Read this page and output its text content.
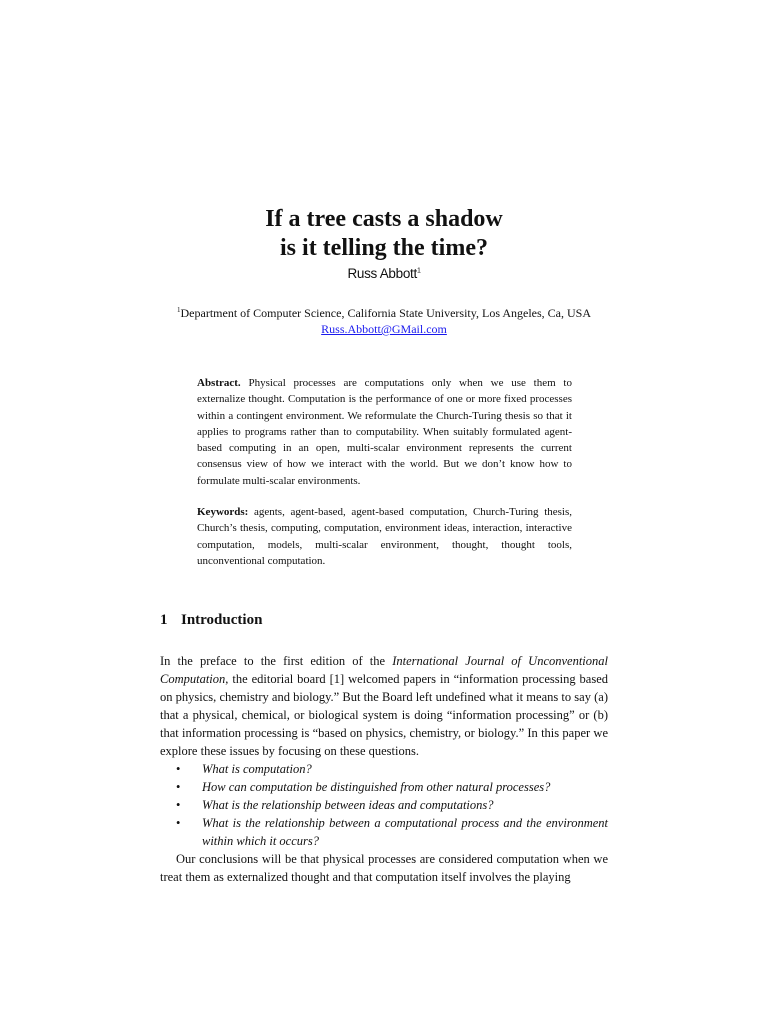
If a tree casts a shadow
is it telling the time?
Russ Abbott$^1$
$^1$Department of Computer Science, California State University, Los Angeles, Ca, USA
Russ.Abbott@GMail.com
Abstract. Physical processes are computations only when we use them to externalize thought. Computation is the performance of one or more fixed processes within a contingent environment. We reformulate the Church-Turing thesis so that it applies to programs rather than to computability. When suitably formulated agent-based computing in an open, multi-scalar environment represents the current consensus view of how we interact with the world. But we don’t know how to formulate multi-scalar environments.
Keywords: agents, agent-based, agent-based computation, Church-Turing thesis, Church’s thesis, computing, computation, environment ideas, interaction, interactive computation, models, multi-scalar environment, thought, thought tools, unconventional computation.
1 Introduction
In the preface to the first edition of the International Journal of Unconventional Computation, the editorial board [1] welcomed papers in “information processing based on physics, chemistry and biology.” But the Board left undefined what it means to say (a) that a physical, chemical, or biological system is doing “information processing” or (b) that information processing is “based on physics, chemistry, or biology.” In this paper we explore these issues by focusing on these questions.
• What is computation?
• How can computation be distinguished from other natural processes?
• What is the relationship between ideas and computations?
• What is the relationship between a computational process and the environment within which it occurs?
Our conclusions will be that physical processes are considered computation when we treat them as externalized thought and that computation itself involves the playing
